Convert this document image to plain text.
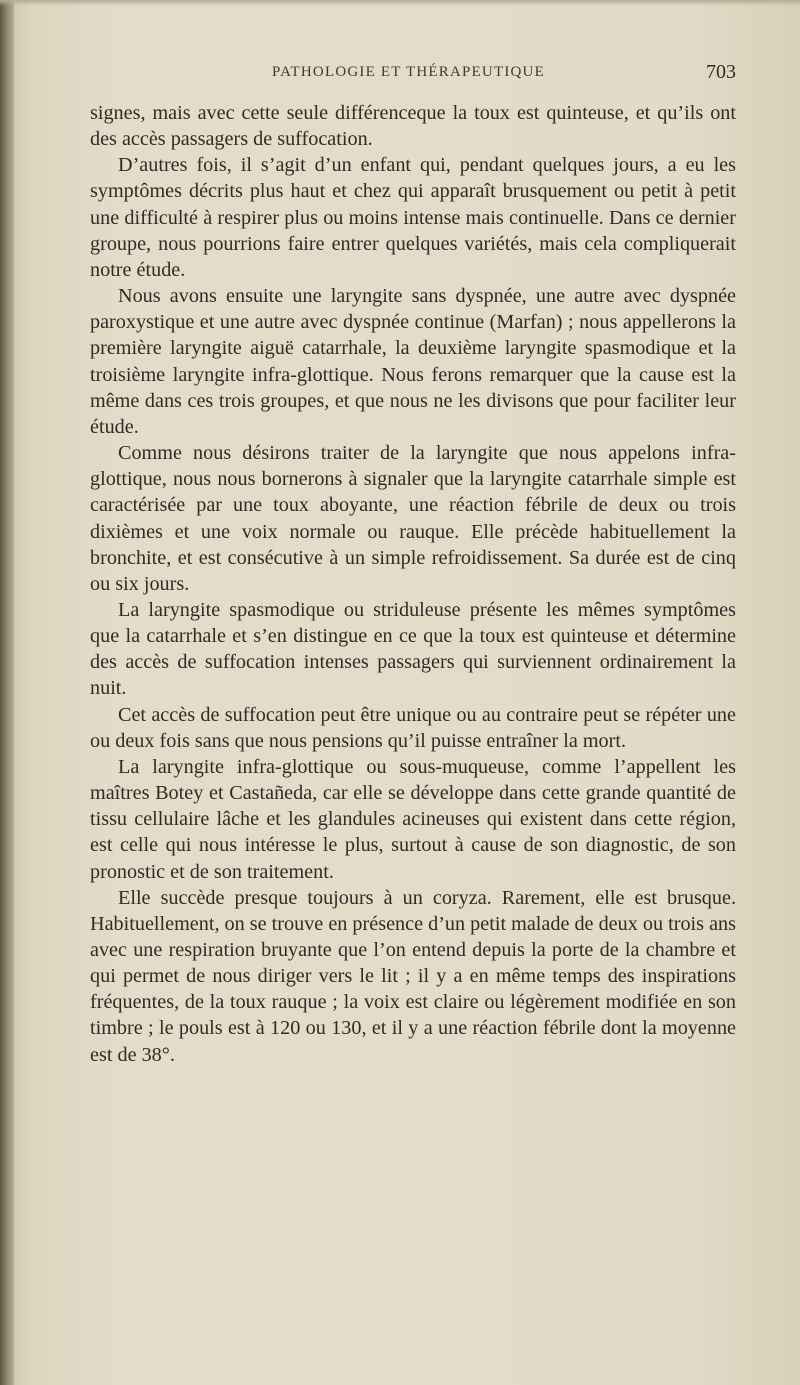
PATHOLOGIE ET THÉRAPEUTIQUE	703

signes, mais avec cette seule différenceque la toux est quinteuse, et qu’ils ont des accès passagers de suffocation.

D’autres fois, il s’agit d’un enfant qui, pendant quelques jours, a eu les symptômes décrits plus haut et chez qui apparaît brusquement ou petit à petit une difficulté à respirer plus ou moins intense mais continuelle. Dans ce dernier groupe, nous pourrions faire entrer quelques variétés, mais cela compliquerait notre étude.

Nous avons ensuite une laryngite sans dyspnée, une autre avec dyspnée paroxystique et une autre avec dyspnée continue (Marfan) ; nous appellerons la première laryngite aiguë catarrhale, la deuxième laryngite spasmodique et la troisième laryngite infra-glottique. Nous ferons remarquer que la cause est la même dans ces trois groupes, et que nous ne les divisons que pour faciliter leur étude.

Comme nous désirons traiter de la laryngite que nous appelons infra-glottique, nous nous bornerons à signaler que la laryngite catarrhale simple est caractérisée par une toux aboyante, une réaction fébrile de deux ou trois dixièmes et une voix normale ou rauque. Elle précède habituellement la bronchite, et est consécutive à un simple refroidissement. Sa durée est de cinq ou six jours.

La laryngite spasmodique ou striduleuse présente les mêmes symptômes que la catarrhale et s’en distingue en ce que la toux est quinteuse et détermine des accès de suffocation intenses passagers qui surviennent ordinairement la nuit.

Cet accès de suffocation peut être unique ou au contraire peut se répéter une ou deux fois sans que nous pensions qu’il puisse entraîner la mort.

La laryngite infra-glottique ou sous-muqueuse, comme l’appellent les maîtres Botey et Castañeda, car elle se développe dans cette grande quantité de tissu cellulaire lâche et les glandules acineuses qui existent dans cette région, est celle qui nous intéresse le plus, surtout à cause de son diagnostic, de son pronostic et de son traitement.

Elle succède presque toujours à un coryza. Rarement, elle est brusque. Habituellement, on se trouve en présence d’un petit malade de deux ou trois ans avec une respiration bruyante que l’on entend depuis la porte de la chambre et qui permet de nous diriger vers le lit ; il y a en même temps des inspirations fréquentes, de la toux rauque ; la voix est claire ou légèrement modifiée en son timbre ; le pouls est à 120 ou 130, et il y a une réaction fébrile dont la moyenne est de 38°.
